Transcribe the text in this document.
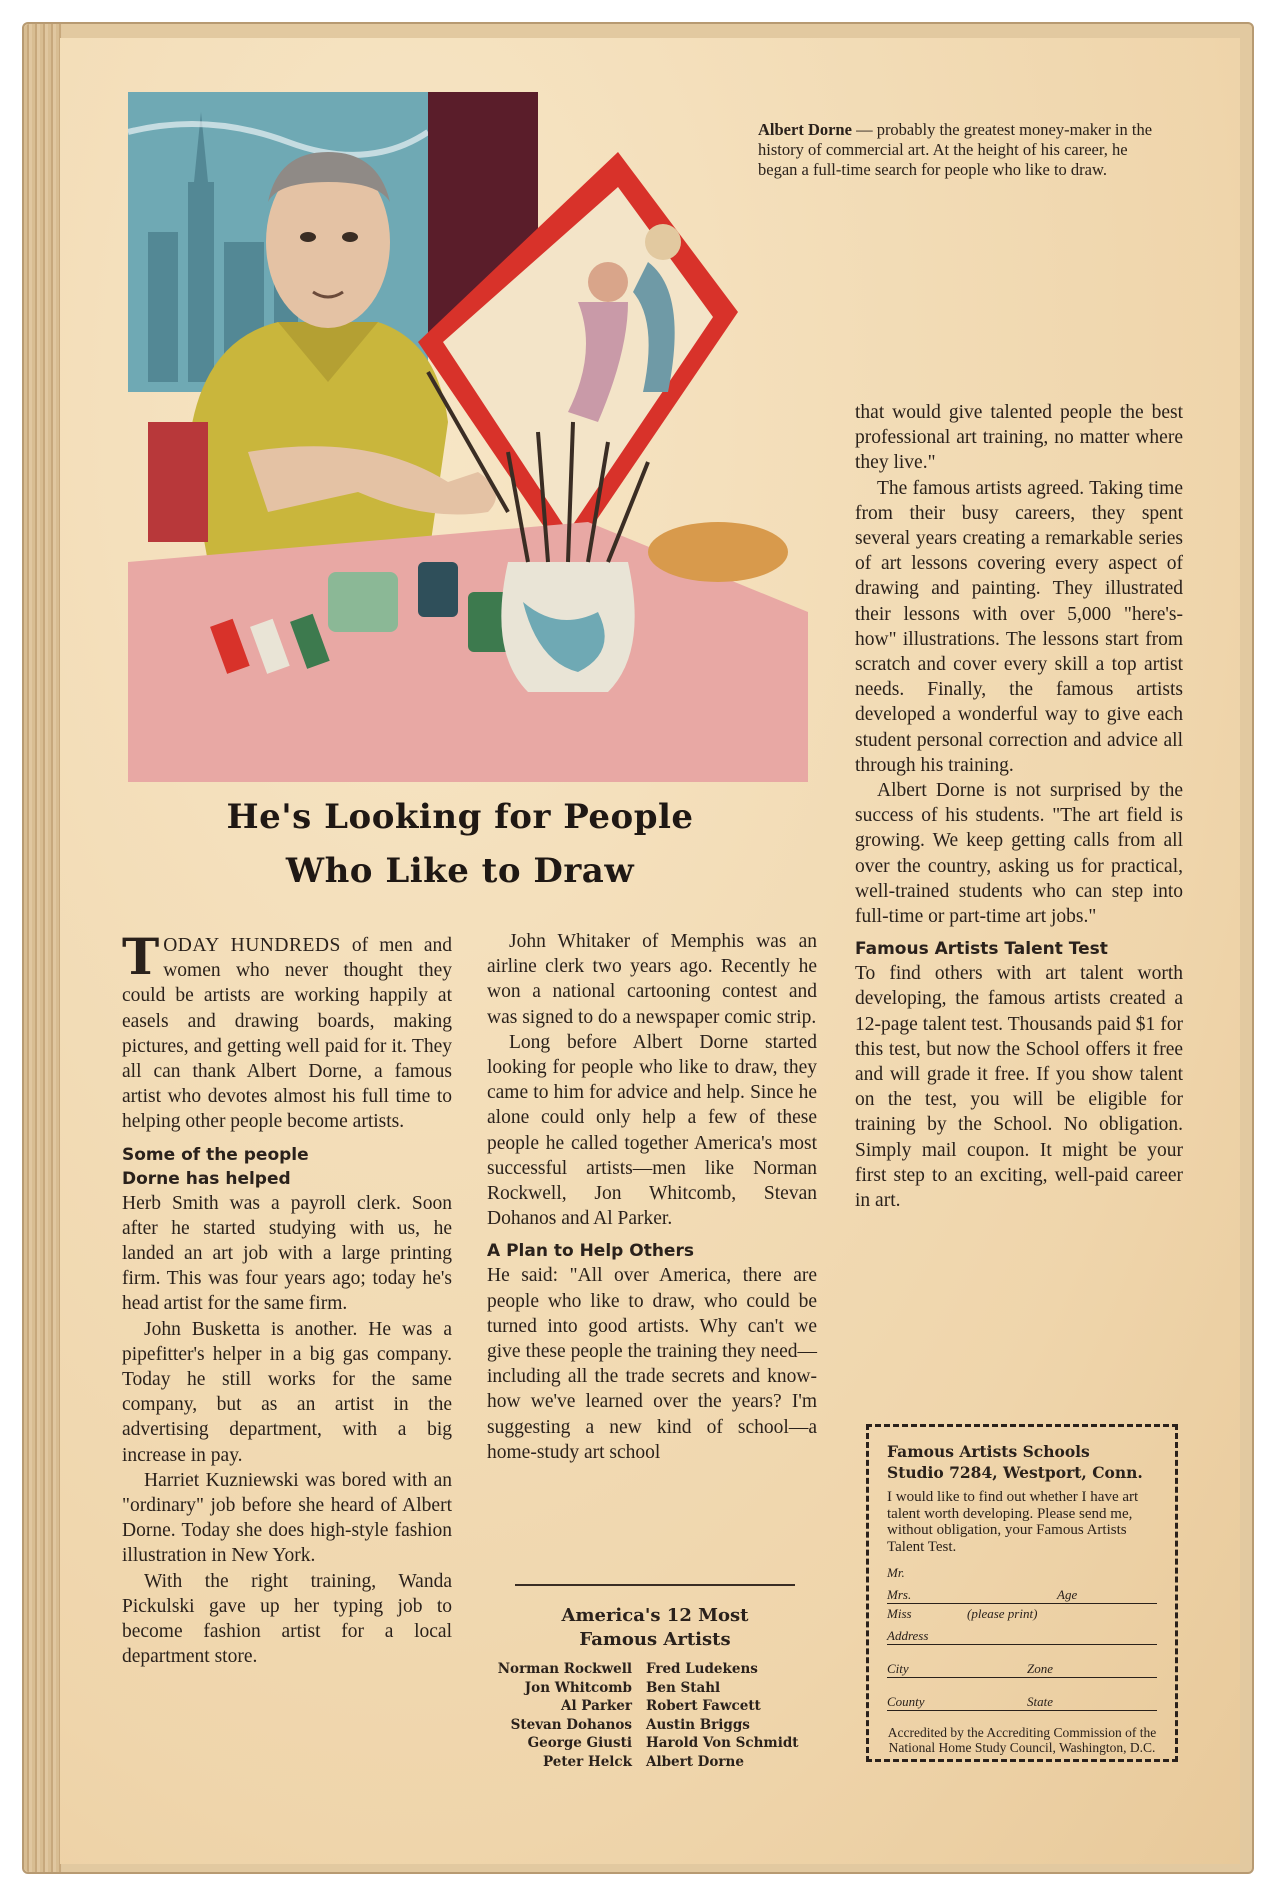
Albert Dorne — probably the greatest money-maker in the history of commercial art. At the height of his career, he began a full-time search for people who like to draw.
He's Looking for People
Who Like to Draw

TODAY HUNDREDS of men and women who never thought they could be artists are working happily at easels and drawing boards, making pictures, and getting well paid for it. They all can thank Albert Dorne, a famous artist who devotes almost his full time to helping other people become artists.

Some of the people
Dorne has helped

Herb Smith was a payroll clerk. Soon after he started studying with us, he landed an art job with a large printing firm. This was four years ago; today he's head artist for the same firm.

John Busketta is another. He was a pipefitter's helper in a big gas company. Today he still works for the same company, but as an artist in the advertising department, with a big increase in pay.

Harriet Kuzniewski was bored with an "ordinary" job before she heard of Albert Dorne. Today she does high-style fashion illustration in New York.

With the right training, Wanda Pickulski gave up her typing job to become fashion artist for a local department store.

John Whitaker of Memphis was an airline clerk two years ago. Recently he won a national cartooning contest and was signed to do a newspaper comic strip.

Long before Albert Dorne started looking for people who like to draw, they came to him for advice and help. Since he alone could only help a few of these people he called together America's most successful artists—men like Norman Rockwell, Jon Whitcomb, Stevan Dohanos and Al Parker.

A Plan to Help Others

He said: "All over America, there are people who like to draw, who could be turned into good artists. Why can't we give these people the training they need—including all the trade secrets and know-how we've learned over the years? I'm suggesting a new kind of school—a home-study art school

that would give talented people the best professional art training, no matter where they live."

The famous artists agreed. Taking time from their busy careers, they spent several years creating a remarkable series of art lessons covering every aspect of drawing and painting. They illustrated their lessons with over 5,000 "here's-how" illustrations. The lessons start from scratch and cover every skill a top artist needs. Finally, the famous artists developed a wonderful way to give each student personal correction and advice all through his training.

Albert Dorne is not surprised by the success of his students. "The art field is growing. We keep getting calls from all over the country, asking us for practical, well-trained students who can step into full-time or part-time art jobs."

Famous Artists Talent Test

To find others with art talent worth developing, the famous artists created a 12-page talent test. Thousands paid $1 for this test, but now the School offers it free and will grade it free. If you show talent on the test, you will be eligible for training by the School. No obligation. Simply mail coupon. It might be your first step to an exciting, well-paid career in art.

America's 12 Most
Famous Artists
Norman Rockwell	Fred Ludekens
Jon Whitcomb	Ben Stahl
Al Parker	Robert Fawcett
Stevan Dohanos	Austin Briggs
George Giusti	Harold Von Schmidt
Peter Helck	Albert Dorne
Famous Artists Schools
Studio 7284, Westport, Conn.
I would like to find out whether I have art talent worth developing. Please send me, without obligation, your Famous Artists Talent Test.
Mr.
Mrs.	Age
Miss	(please print)
Address
City	Zone
County	State
Accredited by the Accrediting Commission of the National Home Study Council, Washington, D.C.
